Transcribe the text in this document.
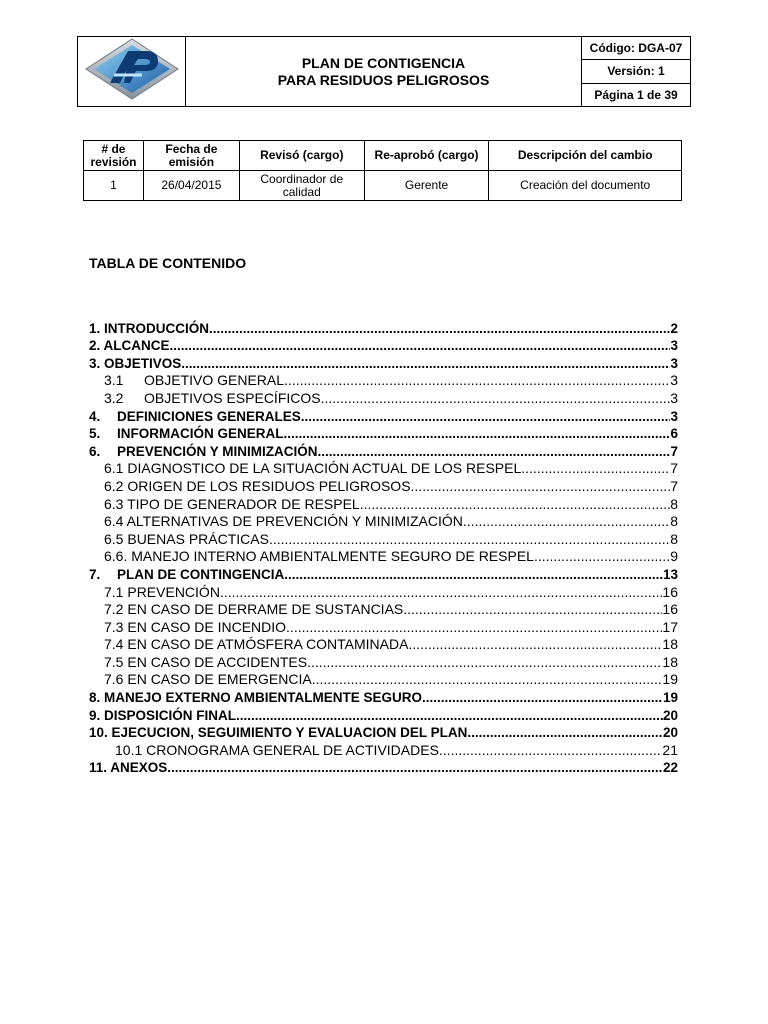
PLAN DE CONTIGENCIA
PARA RESIDUOS PELIGROSOS
	Código: DGA-07
Versión: 1
Página 1 de 39
# de revisión	Fecha de emisión	Revisó (cargo)	Re-aprobó (cargo)	Descripción del cambio
1	26/04/2015	Coordinador de calidad	Gerente	Creación del documento
TABLA DE CONTENIDO
1. INTRODUCCIÓN .....	2
2. ALCANCE .....	3
3. OBJETIVOS .....	3
3.1 OBJETIVO GENERAL .....	3
3.2 OBJETIVOS ESPECÍFICOS .....	3
4. DEFINICIONES GENERALES .....	3
5. INFORMACIÓN GENERAL .....	6
6. PREVENCIÓN Y MINIMIZACIÓN .....	7
6.1 DIAGNOSTICO DE LA SITUACIÓN ACTUAL DE LOS RESPEL .....	7
6.2 ORIGEN DE LOS RESIDUOS PELIGROSOS .....	7
6.3 TIPO DE GENERADOR DE RESPEL .....	8
6.4 ALTERNATIVAS DE PREVENCIÓN Y MINIMIZACIÓN .....	8
6.5 BUENAS PRÁCTICAS .....	8
6.6. MANEJO INTERNO AMBIENTALMENTE SEGURO DE RESPEL .....	9
7. PLAN DE CONTINGENCIA .....	13
7.1 PREVENCIÓN .....	16
7.2 EN CASO DE DERRAME DE SUSTANCIAS .....	16
7.3 EN CASO DE INCENDIO .....	17
7.4 EN CASO DE ATMÓSFERA CONTAMINADA .....	18
7.5 EN CASO DE ACCIDENTES .....	18
7.6 EN CASO DE EMERGENCIA .....	19
8. MANEJO EXTERNO AMBIENTALMENTE SEGURO .....	19
9. DISPOSICIÓN FINAL .....	20
10. EJECUCION, SEGUIMIENTO Y EVALUACION DEL PLAN .....	20
10.1 CRONOGRAMA GENERAL DE ACTIVIDADES .....	21
11. ANEXOS .....	22
